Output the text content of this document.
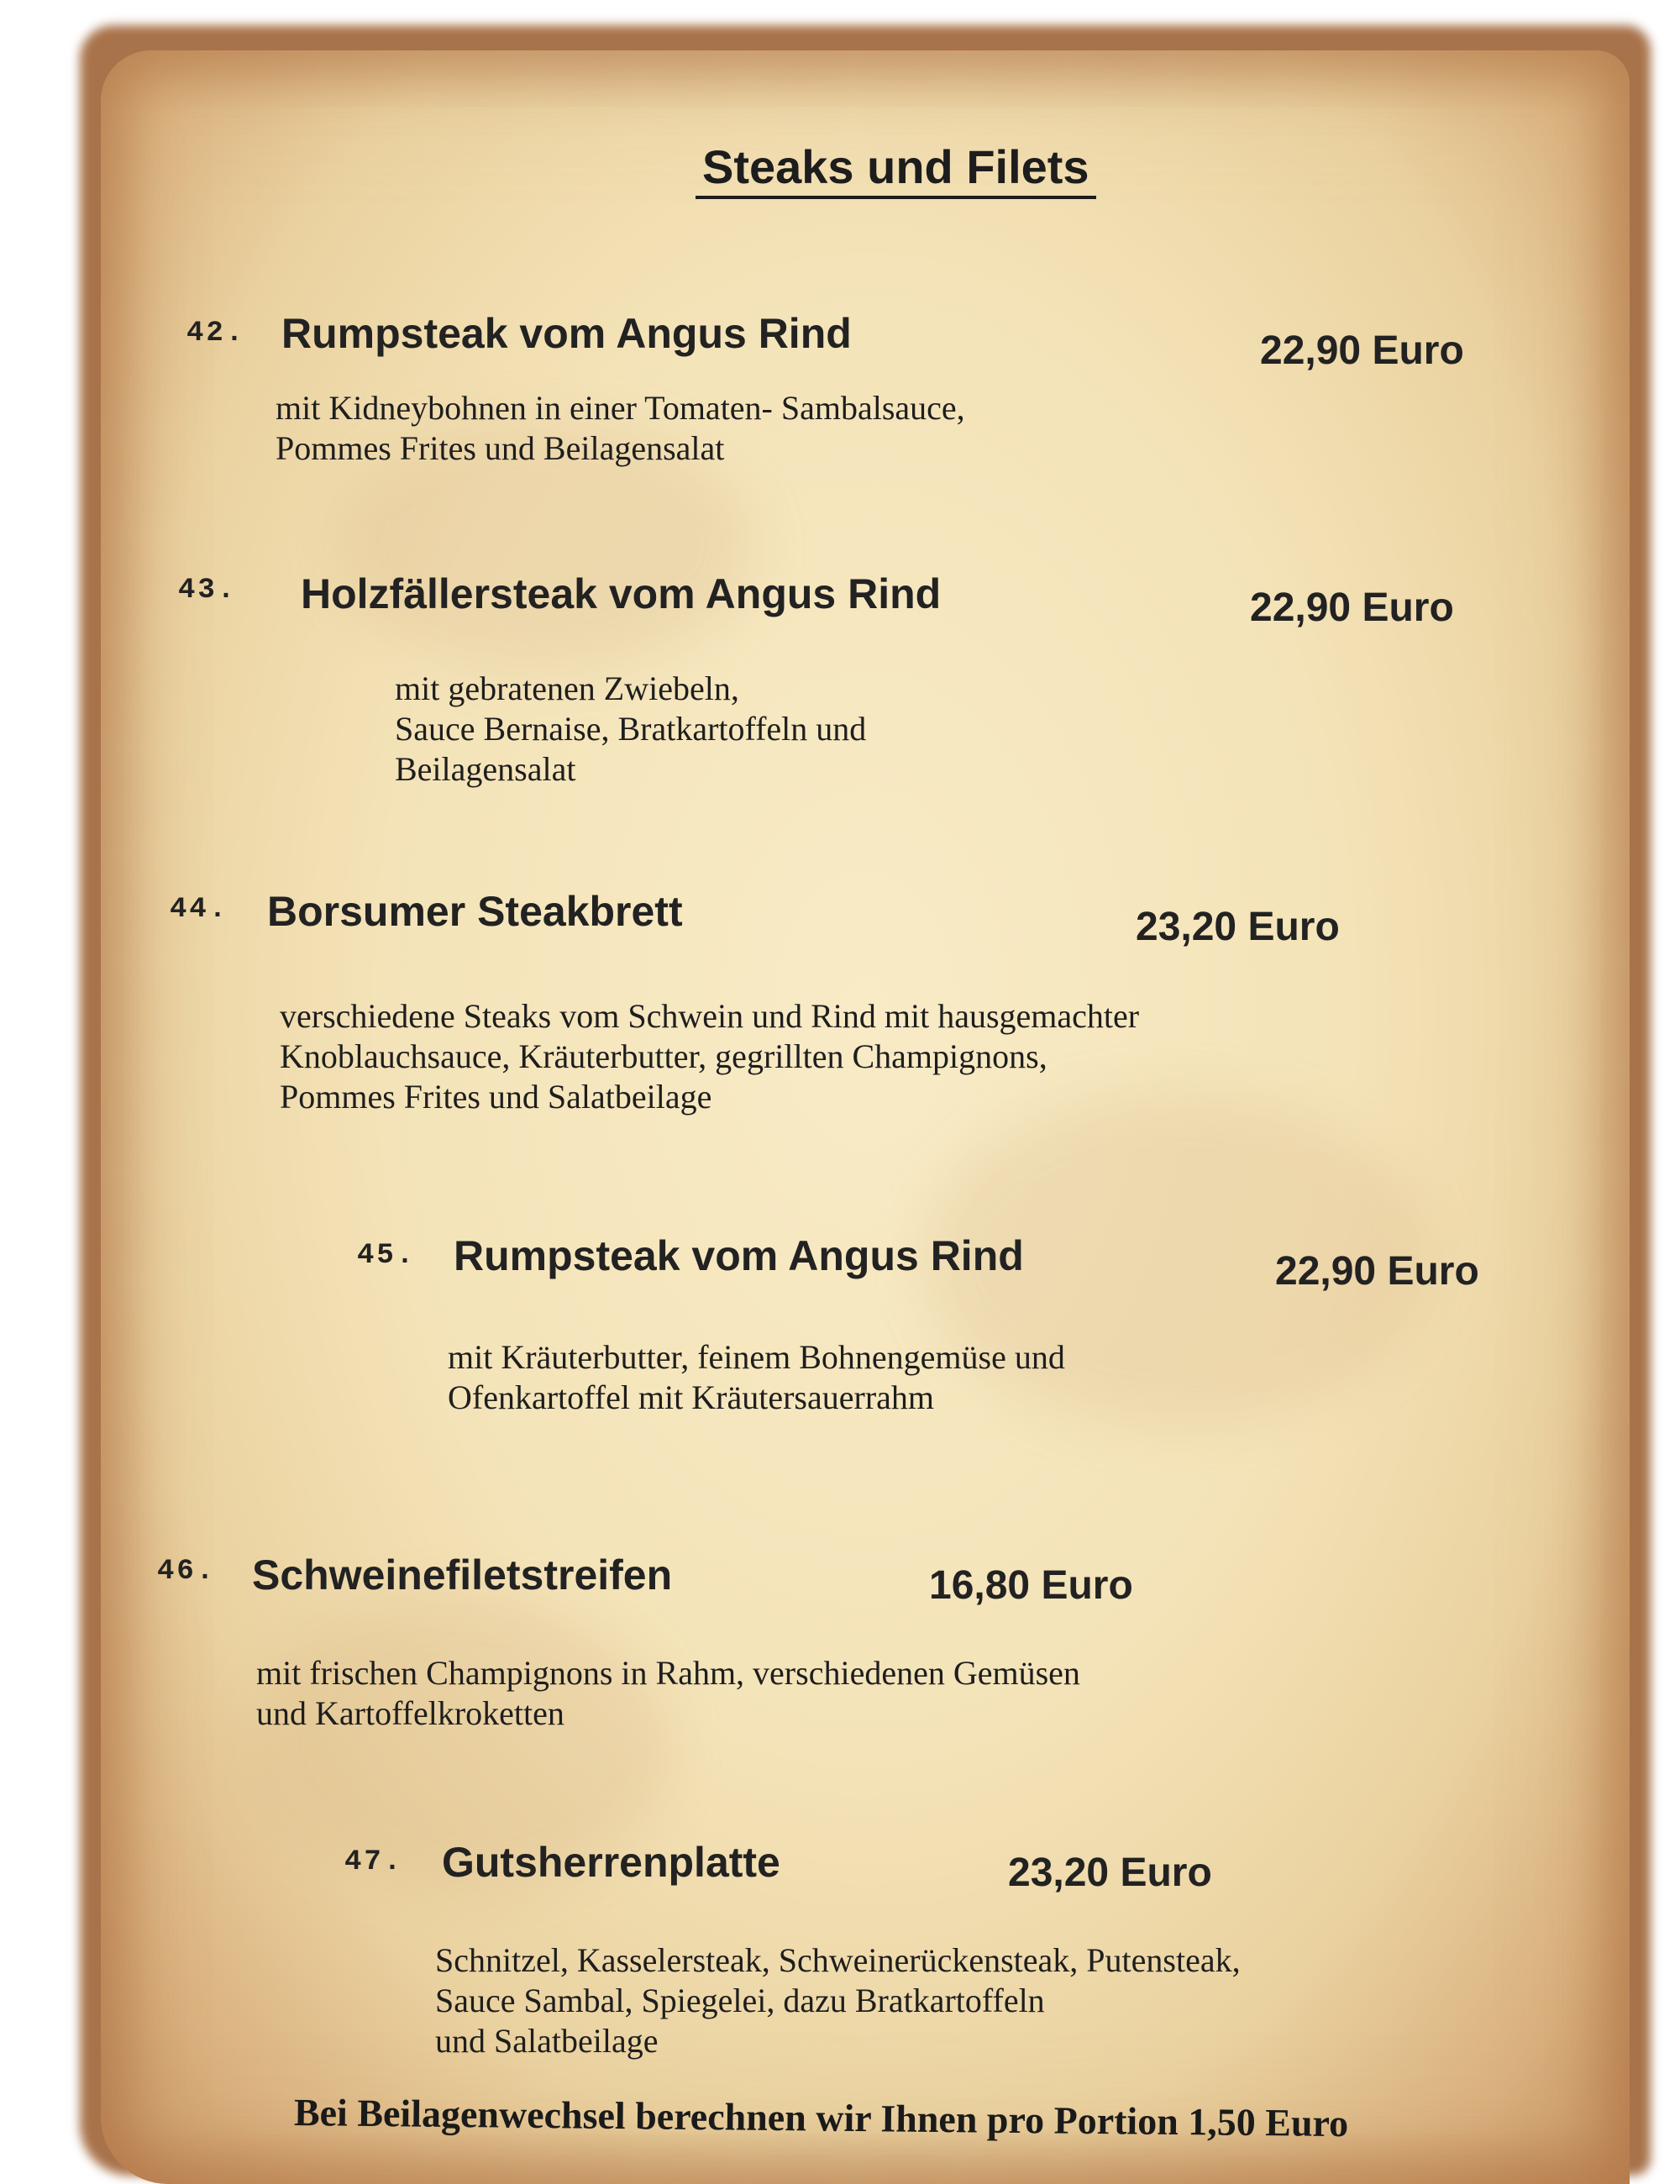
Steaks und Filets
42. Rumpsteak vom Angus Rind	22,90 Euro
mit Kidneybohnen in einer Tomaten- Sambalsauce,
Pommes Frites und Beilagensalat
43. Holzfällersteak vom Angus Rind	22,90 Euro
mit gebratenen Zwiebeln,
Sauce Bernaise, Bratkartoffeln und
Beilagensalat
44. Borsumer Steakbrett	23,20 Euro
verschiedene Steaks vom Schwein und Rind mit hausgemachter
Knoblauchsauce, Kräuterbutter, gegrillten Champignons,
Pommes Frites und Salatbeilage
45. Rumpsteak vom Angus Rind	22,90 Euro
mit Kräuterbutter, feinem Bohnengemüse und
Ofenkartoffel mit Kräutersauerrahm
46. Schweinefiletstreifen	16,80 Euro
mit frischen Champignons in Rahm, verschiedenen Gemüsen
und Kartoffelkroketten
47. Gutsherrenplatte	23,20 Euro
Schnitzel, Kasselersteak, Schweinerückensteak, Putensteak,
Sauce Sambal, Spiegelei, dazu Bratkartoffeln
und Salatbeilage
Bei Beilagenwechsel berechnen wir Ihnen pro Portion 1,50 Euro
